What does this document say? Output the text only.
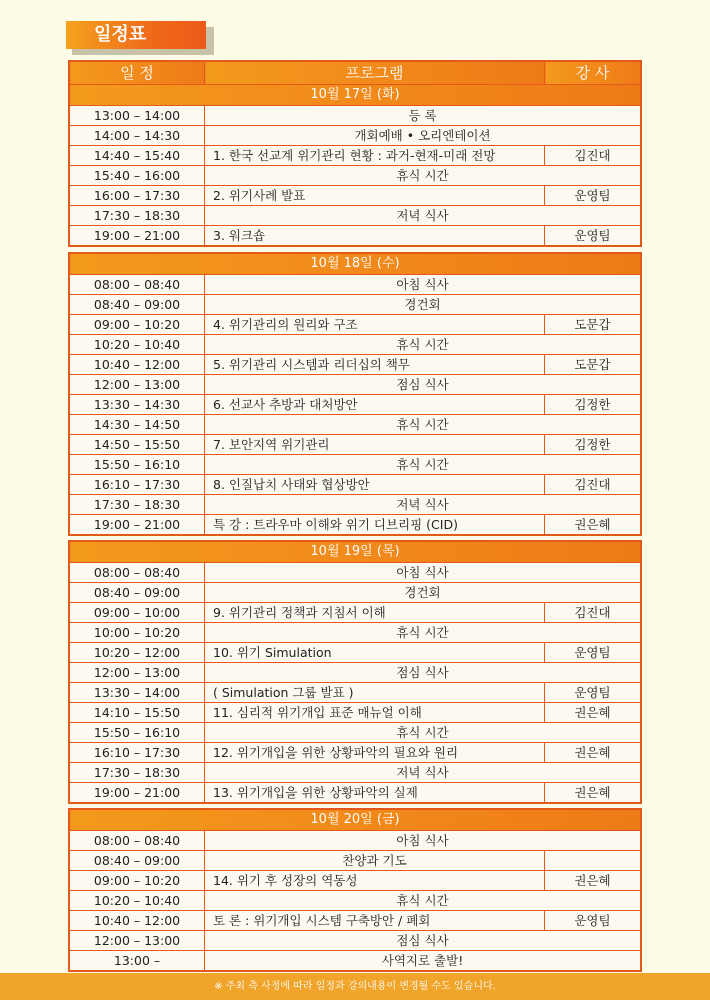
일정표
일 정	프로그램	강 사
10월 17일 (화)		
13:00 – 14:00	등 록	
14:00 – 14:30	개회예배 • 오리엔테이션	
14:40 – 15:40	1. 한국 선교계 위기관리 현황 : 과거-현재-미래 전망	김진대
15:40 – 16:00	휴식 시간	
16:00 – 17:30	2. 위기사례 발표	운영팀
17:30 – 18:30	저녁 식사	
19:00 – 21:00	3. 워크숍	운영팀
10월 18일 (수)		
08:00 – 08:40	아침 식사	
08:40 – 09:00	경건회	
09:00 – 10:20	4. 위기관리의 원리와 구조	도문갑
10:20 – 10:40	휴식 시간	
10:40 – 12:00	5. 위기관리 시스템과 리더십의 책무	도문갑
12:00 – 13:00	점심 식사	
13:30 – 14:30	6. 선교사 추방과 대처방안	김정한
14:30 – 14:50	휴식 시간	
14:50 – 15:50	7. 보안지역 위기관리	김정한
15:50 – 16:10	휴식 시간	
16:10 – 17:30	8. 인질납치 사태와 협상방안	김진대
17:30 – 18:30	저녁 식사	
19:00 – 21:00	특 강 : 트라우마 이해와 위기 디브리핑 (CID)	권은혜
10월 19일 (목)		
08:00 – 08:40	아침 식사	
08:40 – 09:00	경건회	
09:00 – 10:00	9. 위기관리 정책과 지침서 이해	김진대
10:00 – 10:20	휴식 시간	
10:20 – 12:00	10. 위기 Simulation	운영팀
12:00 – 13:00	점심 식사	
13:30 – 14:00	( Simulation 그룹 발표 )	운영팀
14:10 – 15:50	11. 심리적 위기개입 표준 매뉴얼 이해	권은혜
15:50 – 16:10	휴식 시간	
16:10 – 17:30	12. 위기개입을 위한 상황파악의 필요와 원리	권은혜
17:30 – 18:30	저녁 식사	
19:00 – 21:00	13. 위기개입을 위한 상황파악의 실제	권은혜
10월 20일 (금)		
08:00 – 08:40	아침 식사	
08:40 – 09:00	찬양과 기도	
09:00 – 10:20	14. 위기 후 성장의 역동성	권은혜
10:20 – 10:40	휴식 시간	
10:40 – 12:00	토 론 : 위기개입 시스템 구축방안 / 폐회	운영팀
12:00 – 13:00	점심 식사	
13:00 –	사역지로 출발!	
※ 주최 측 사정에 따라 일정과 강의내용이 변경될 수도 있습니다.
